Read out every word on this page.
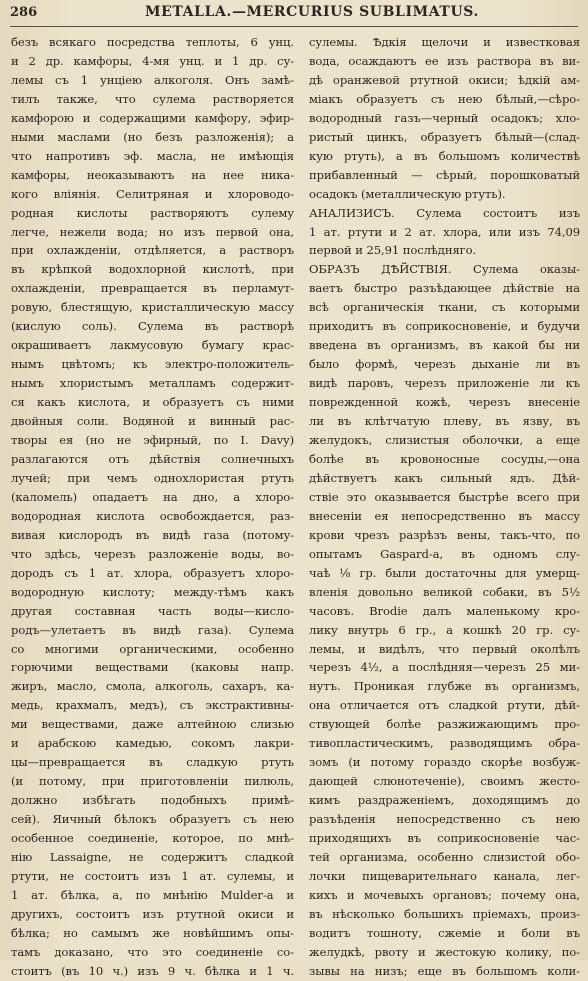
286	METALLA.—MERCURIUS SUBLIMATUS.
безъ всякаго посредства теплоты, 6 унц.
и 2 др. камфоры, 4-мя унц. и 1 др. су-
лемы съ 1 унціею алкоголя. Онъ замѣ-
тилъ также, что сулема растворяется
камфорою и содержащими камфору, эфир-
ными маслами (но безъ разложенія); а
что напротивъ эф. масла, не имѣющія
камфоры, неоказываютъ на нее ника-
кого вліянія. Селитряная и хлороводо-
родная кислоты растворяютъ сулему
легче, нежели вода; но изъ первой она,
при охлажденіи, отдѣляется, а растворъ
въ крѣпкой водохлорной кислотѣ, при
охлажденіи, превращается въ перламут-
ровую, блестящую, кристаллическую массу
(кислую соль). Сулема въ растворѣ
окрашиваетъ лакмусовую бумагу крас-
нымъ цвѣтомъ; къ электро-положитель-
нымъ хлористымъ металламъ содержит-
ся какъ кислота, и образуетъ съ ними
двойныя соли. Водяной и винный рас-
творы ея (но не эфирный, по I. Davy)
разлагаются отъ дѣйствія солнечныхъ
лучей; при чемъ однохлористая ртуть
(каломель) опадаетъ на дно, а хлоро-
водородная кислота освобождается, раз-
вивая кислородъ въ видѣ газа (потому-
что здѣсь, черезъ разложеніе воды, во-
дородъ съ 1 ат. хлора, образуетъ хлоро-
водородную кислоту; между-тѣмъ какъ
другая составная часть воды—кисло-
родъ—улетаетъ въ видѣ газа). Сулема
со многими органическими, особенно
горючими веществами (каковы напр.
жиръ, масло, смола, алкоголь, сахаръ, ка-
медь, крахмалъ, медъ), съ экстрактивны-
ми веществами, даже алтейною слизью
и арабскою камедью, сокомъ лакри-
цы—превращается въ сладкую ртуть
(и потому, при приготовленіи пилюль,
должно избѣгать подобныхъ примѣ-
сей). Яичный бѣлокъ образуетъ съ нею
особенное соединеніе, которое, по мнѣ-
нію Lassaigne, не содержитъ сладкой
ртути, не состоитъ изъ 1 ат. сулемы, и
1 ат. бѣлка, а, по мнѣнію Mulder-а и
другихъ, состоитъ изъ ртутной окиси и
бѣлка; но самымъ же новѣйшимъ опы-
тамъ доказано, что это соединеніе со-
стоитъ (въ 10 ч.) изъ 9 ч. бѣлка и 1 ч.
сулемы. Ѣдкія щелочи и известковая
вода, осаждаютъ ее изъ раствора въ ви-
дѣ оранжевой ртутной окиси; ѣдкій ам-
міакъ образуетъ съ нею бѣлый,—сѣро-
водородный газъ—черный осадокъ; хло-
ристый цинкъ, образуетъ бѣлый—(слад-
кую ртуть), а въ большомъ количествѣ
прибавленный — сѣрый, порошковатый
осадокъ (металлическую ртуть).
АНАЛИЗИСЪ. Сулема состоитъ изъ
1 ат. ртути и 2 ат. хлора, или изъ 74,09
первой и 25,91 послѣдняго.
ОБРАЗЪ ДѢЙСТВІЯ. Сулема оказы-
ваетъ быстро разъѣдающее дѣйствіе на
всѣ органическія ткани, съ которыми
приходитъ въ соприкосновеніе, и будучи
введена въ организмъ, въ какой бы ни
было формѣ, черезъ дыханіе ли въ
видѣ паровъ, черезъ приложеніе ли къ
поврежденной кожѣ, черезъ внесеніе
ли въ клѣтчатую плеву, въ язву, въ
желудокъ, слизистыя оболочки, а еще
болѣе въ кровоносные сосуды,—она
дѣйствуетъ какъ сильный ядъ. Дѣй-
ствіе это оказывается быстрѣе всего при
внесеніи ея непосредственно въ массу
крови чрезъ разрѣзъ вены, такъ-что, по
опытамъ Gaspard-а, въ одномъ слу-
чаѣ ⅛ гр. были достаточны для умерщ-
вленія довольно великой собаки, въ 5½
часовъ. Brodie далъ маленькому кро-
лику внутрь 6 гр., а кошкѣ 20 гр. су-
лемы, и видѣлъ, что первый околѣлъ
черезъ 4½, а послѣдняя—черезъ 25 ми-
нутъ. Проникая глубже въ организмъ,
она отличается отъ сладкой ртути, дѣй-
ствующей болѣе разжижающимъ про-
тивопластическимъ, разводящимъ обра-
зомъ (и потому гораздо скорѣе возбуж-
дающей слюнотеченіе), своимъ жесто-
кимъ раздраженіемъ, доходящимъ до
разъѣденія непосредственно съ нею
приходящихъ въ соприкосновеніе час-
тей организма, особенно слизистой обо-
лочки пищеварительнаго канала, лег-
кихъ и мочевыхъ органовъ; почему она,
въ нѣсколько большихъ пріемахъ, произ-
водитъ тошноту, сжеміе и боли въ
желудкѣ, рвоту и жестокую колику, по-
зывы на низъ; еще въ большомъ коли-
